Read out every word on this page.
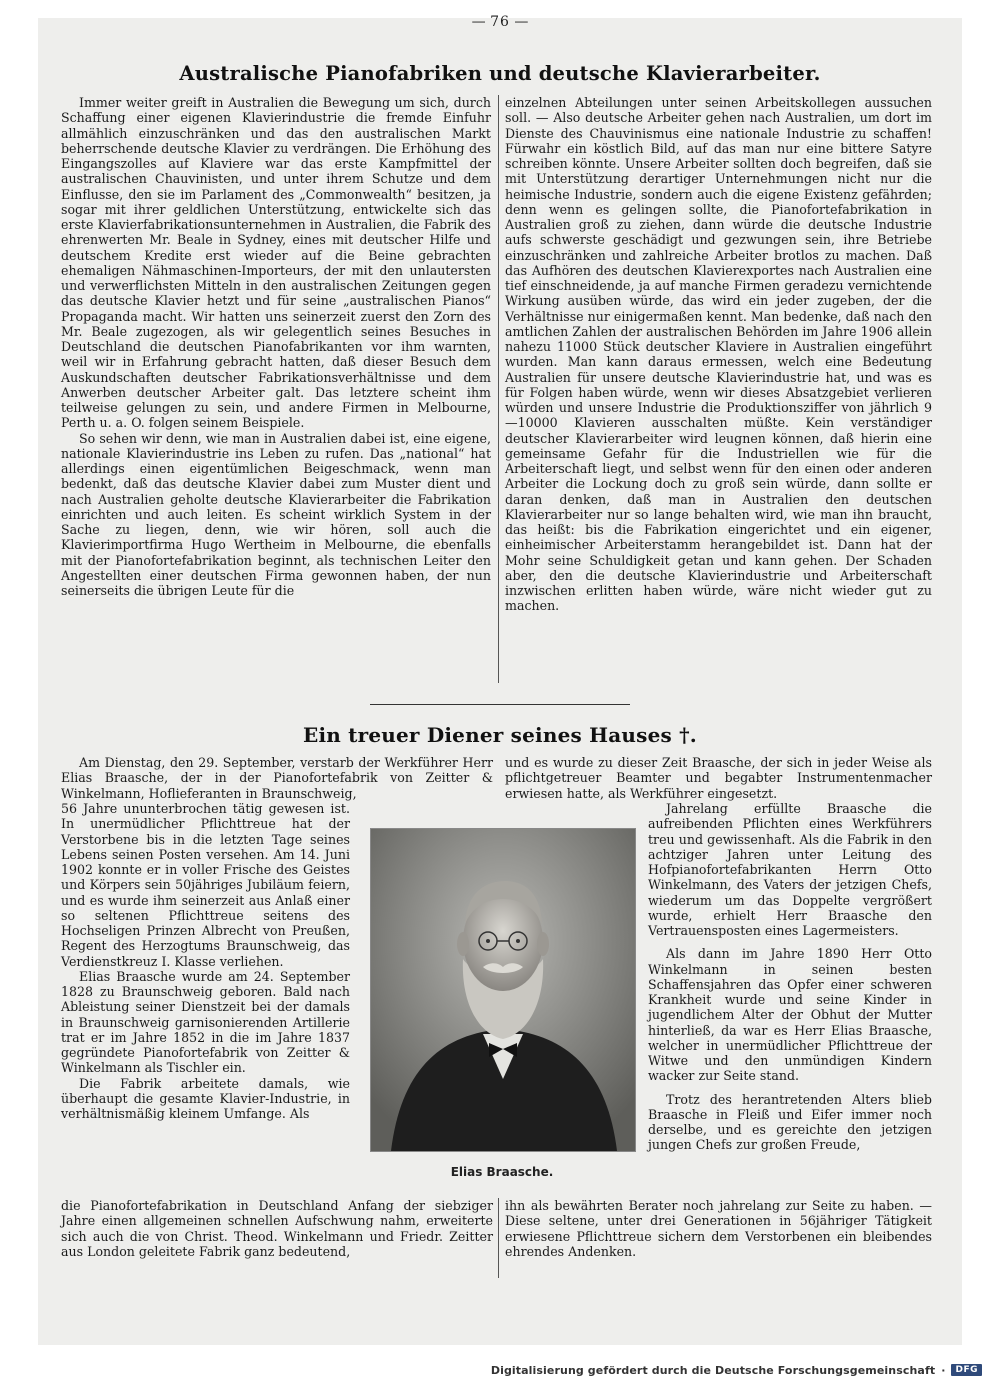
— 76 —
Australische Pianofabriken und deutsche Klavierarbeiter.

Immer weiter greift in Australien die Bewegung um sich, durch Schaffung einer eigenen Klavierindustrie die fremde Einfuhr allmählich einzuschränken und das den australischen Markt beherrschende deutsche Klavier zu verdrängen. Die Erhöhung des Eingangszolles auf Klaviere war das erste Kampfmittel der australischen Chauvinisten, und unter ihrem Schutze und dem Einflusse, den sie im Parlament des „Commonwealth“ besitzen, ja sogar mit ihrer geldlichen Unterstützung, entwickelte sich das erste Klavierfabrikationsunternehmen in Australien, die Fabrik des ehrenwerten Mr. Beale in Sydney, eines mit deutscher Hilfe und deutschem Kredite erst wieder auf die Beine gebrachten ehemaligen Nähmaschinen-Importeurs, der mit den unlautersten und verwerflichsten Mitteln in den australischen Zeitungen gegen das deutsche Klavier hetzt und für seine „australischen Pianos“ Propaganda macht. Wir hatten uns seinerzeit zuerst den Zorn des Mr. Beale zugezogen, als wir gelegentlich seines Besuches in Deutschland die deutschen Pianofabrikanten vor ihm warnten, weil wir in Erfahrung gebracht hatten, daß dieser Besuch dem Auskundschaften deutscher Fabrikationsverhältnisse und dem Anwerben deutscher Arbeiter galt. Das letztere scheint ihm teilweise gelungen zu sein, und andere Firmen in Melbourne, Perth u. a. O. folgen seinem Beispiele.

So sehen wir denn, wie man in Australien dabei ist, eine eigene, nationale Klavierindustrie ins Leben zu rufen. Das „national“ hat allerdings einen eigentümlichen Beigeschmack, wenn man bedenkt, daß das deutsche Klavier dabei zum Muster dient und nach Australien geholte deutsche Klavierarbeiter die Fabrikation einrichten und auch leiten. Es scheint wirklich System in der Sache zu liegen, denn, wie wir hören, soll auch die Klavierimportfirma Hugo Wertheim in Melbourne, die ebenfalls mit der Pianofortefabrikation beginnt, als technischen Leiter den Angestellten einer deutschen Firma gewonnen haben, der nun seinerseits die übrigen Leute für die

einzelnen Abteilungen unter seinen Arbeitskollegen aussuchen soll. — Also deutsche Arbeiter gehen nach Australien, um dort im Dienste des Chauvinismus eine nationale Industrie zu schaffen! Fürwahr ein köstlich Bild, auf das man nur eine bittere Satyre schreiben könnte. Unsere Arbeiter sollten doch begreifen, daß sie mit Unterstützung derartiger Unternehmungen nicht nur die heimische Industrie, sondern auch die eigene Existenz gefährden; denn wenn es gelingen sollte, die Pianofortefabrikation in Australien groß zu ziehen, dann würde die deutsche Industrie aufs schwerste geschädigt und gezwungen sein, ihre Betriebe einzuschränken und zahlreiche Arbeiter brotlos zu machen. Daß das Aufhören des deutschen Klavierexportes nach Australien eine tief einschneidende, ja auf manche Firmen geradezu vernichtende Wirkung ausüben würde, das wird ein jeder zugeben, der die Verhältnisse nur einigermaßen kennt. Man bedenke, daß nach den amtlichen Zahlen der australischen Behörden im Jahre 1906 allein nahezu 11000 Stück deutscher Klaviere in Australien eingeführt wurden. Man kann daraus ermessen, welch eine Bedeutung Australien für unsere deutsche Klavierindustrie hat, und was es für Folgen haben würde, wenn wir dieses Absatzgebiet verlieren würden und unsere Industrie die Produktionsziffer von jährlich 9—10000 Klavieren ausschalten müßte. Kein verständiger deutscher Klavierarbeiter wird leugnen können, daß hierin eine gemeinsame Gefahr für die Industriellen wie für die Arbeiterschaft liegt, und selbst wenn für den einen oder anderen Arbeiter die Lockung doch zu groß sein würde, dann sollte er daran denken, daß man in Australien den deutschen Klavierarbeiter nur so lange behalten wird, wie man ihn braucht, das heißt: bis die Fabrikation eingerichtet und ein eigener, einheimischer Arbeiterstamm herangebildet ist. Dann hat der Mohr seine Schuldigkeit getan und kann gehen. Der Schaden aber, den die deutsche Klavierindustrie und Arbeiterschaft inzwischen erlitten haben würde, wäre nicht wieder gut zu machen.

Ein treuer Diener seines Hauses †.

Am Dienstag, den 29. September, verstarb der Werkführer Herr Elias Braasche, der in der Pianofortefabrik von Zeitter & Winkelmann, Hoflieferanten in Braunschweig,

und es wurde zu dieser Zeit Braasche, der sich in jeder Weise als pflichtgetreuer Beamter und begabter Instrumentenmacher erwiesen hatte, als Werkführer eingesetzt.

56 Jahre ununterbrochen tätig gewesen ist. In unermüdlicher Pflichttreue hat der Verstorbene bis in die letzten Tage seines Lebens seinen Posten versehen. Am 14. Juni 1902 konnte er in voller Frische des Geistes und Körpers sein 50jähriges Jubiläum feiern, und es wurde ihm seinerzeit aus Anlaß einer so seltenen Pflichttreue seitens des Hochseligen Prinzen Albrecht von Preußen, Regent des Herzogtums Braunschweig, das Verdienstkreuz I. Klasse verliehen.

Elias Braasche wurde am 24. September 1828 zu Braunschweig geboren. Bald nach Ableistung seiner Dienstzeit bei der damals in Braunschweig garnisonierenden Artillerie trat er im Jahre 1852 in die im Jahre 1837 gegründete Pianofortefabrik von Zeitter & Winkelmann als Tischler ein.

Die Fabrik arbeitete damals, wie überhaupt die gesamte Klavier-Industrie, in verhältnismäßig kleinem Umfange. Als

Elias Braasche.

Jahrelang erfüllte Braasche die aufreibenden Pflichten eines Werkführers treu und gewissenhaft. Als die Fabrik in den achtziger Jahren unter Leitung des Hofpianofortefabrikanten Herrn Otto Winkelmann, des Vaters der jetzigen Chefs, wiederum um das Doppelte vergrößert wurde, erhielt Herr Braasche den Vertrauensposten eines Lagermeisters.

Als dann im Jahre 1890 Herr Otto Winkelmann in seinen besten Schaffensjahren das Opfer einer schweren Krankheit wurde und seine Kinder in jugendlichem Alter der Obhut der Mutter hinterließ, da war es Herr Elias Braasche, welcher in unermüdlicher Pflichttreue der Witwe und den unmündigen Kindern wacker zur Seite stand.

Trotz des herantretenden Alters blieb Braasche in Fleiß und Eifer immer noch derselbe, und es gereichte den jetzigen jungen Chefs zur großen Freude,

die Pianofortefabrikation in Deutschland Anfang der siebziger Jahre einen allgemeinen schnellen Aufschwung nahm, erweiterte sich auch die von Christ. Theod. Winkelmann und Friedr. Zeitter aus London geleitete Fabrik ganz bedeutend,

ihn als bewährten Berater noch jahrelang zur Seite zu haben. — Diese seltene, unter drei Generationen in 56jähriger Tätigkeit erwiesene Pflichttreue sichern dem Verstorbenen ein bleibendes ehrendes Andenken.

Digitalisierung gefördert durch die Deutsche Forschungsgemeinschaft ·	DFG
